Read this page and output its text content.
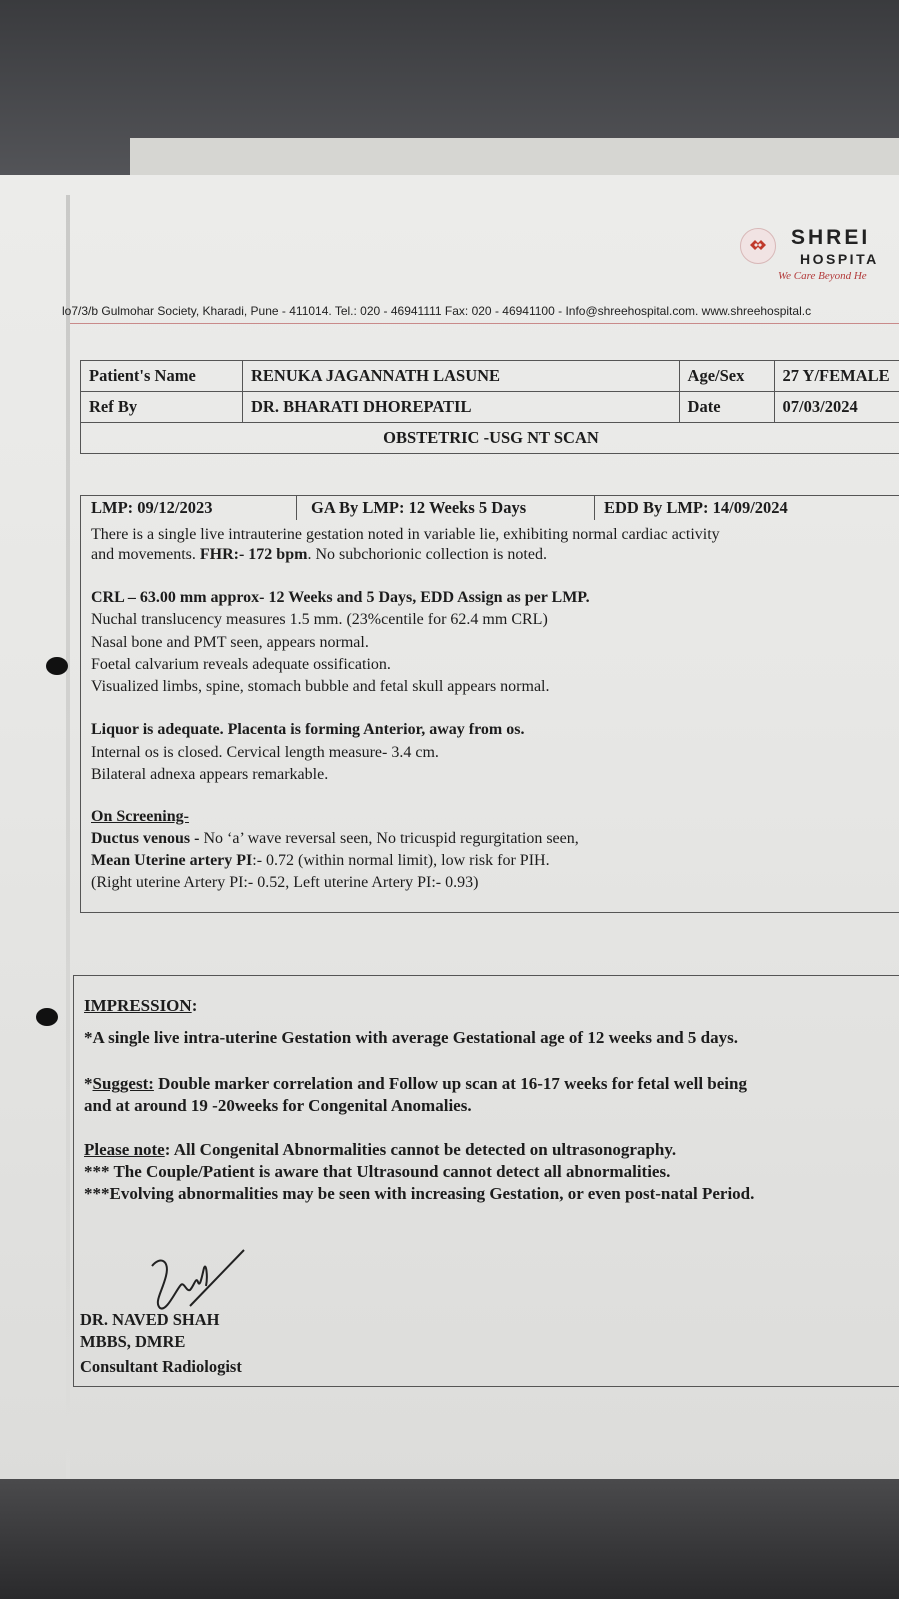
SHREI
HOSPITA
We Care Beyond He
lo7/3/b Gulmohar Society, Kharadi, Pune - 411014. Tel.: 020 - 46941111 Fax: 020 - 46941100 - Info@shreehospital.com. www.shreehospital.c
Patient's Name	RENUKA JAGANNATH LASUNE	Age/Sex	27 Y/FEMALE
Ref By	DR. BHARATI DHOREPATIL	Date	07/03/2024
OBSTETRIC -USG NT SCAN			
LMP: 09/12/2023	GA By LMP: 12 Weeks 5 Days	EDD By LMP: 14/09/2024
There is a single live intrauterine gestation noted in variable lie, exhibiting normal cardiac activity
and movements. FHR:- 172 bpm. No subchorionic collection is noted.
CRL – 63.00 mm approx- 12 Weeks and 5 Days, EDD Assign as per LMP.
Nuchal translucency measures 1.5 mm. (23%centile for 62.4 mm CRL)
Nasal bone and PMT seen, appears normal.
Foetal calvarium reveals adequate ossification.
Visualized limbs, spine, stomach bubble and fetal skull appears normal.
Liquor is adequate. Placenta is forming Anterior, away from os.
Internal os is closed. Cervical length measure- 3.4 cm.
Bilateral adnexa appears remarkable.
On Screening-
Ductus venous - No ‘a’ wave reversal seen, No tricuspid regurgitation seen,
Mean Uterine artery PI:- 0.72 (within normal limit), low risk for PIH.
(Right uterine Artery PI:- 0.52, Left uterine Artery PI:- 0.93)
IMPRESSION:
*A single live intra-uterine Gestation with average Gestational age of 12 weeks and 5 days.
*Suggest: Double marker correlation and Follow up scan at 16-17 weeks for fetal well being
and at around 19 -20weeks for Congenital Anomalies.
Please note: All Congenital Abnormalities cannot be detected on ultrasonography.
*** The Couple/Patient is aware that Ultrasound cannot detect all abnormalities.
***Evolving abnormalities may be seen with increasing Gestation, or even post-natal Period.
DR. NAVED SHAH
MBBS, DMRE
Consultant Radiologist
